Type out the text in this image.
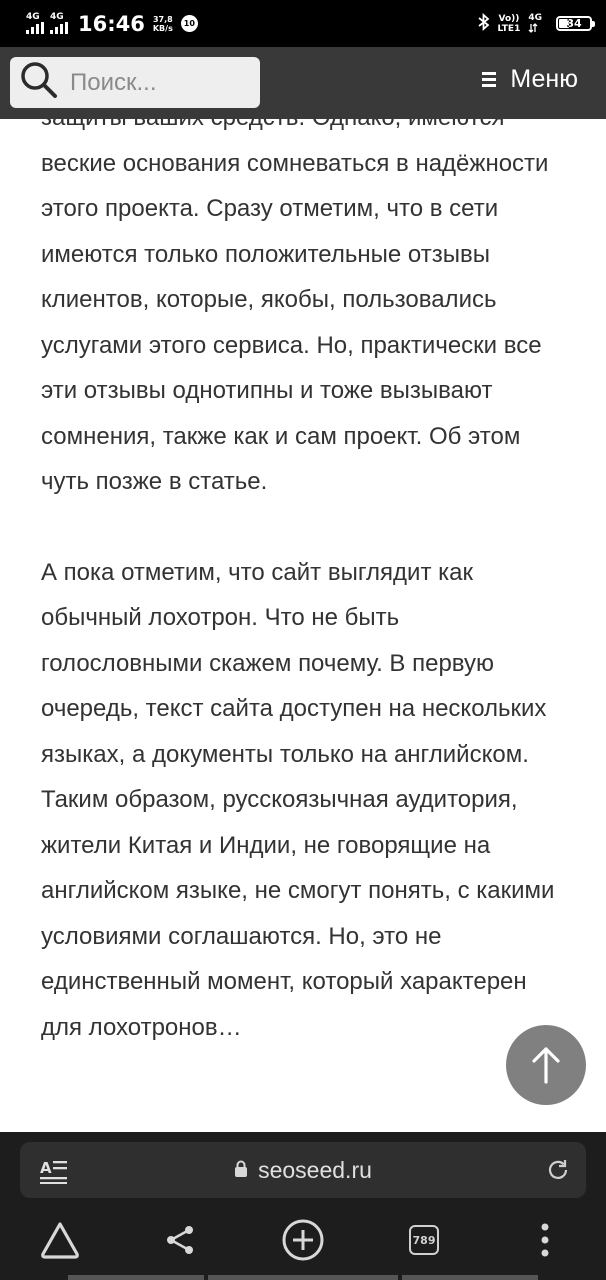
4G 4G 16:46 37,8
KB/s	10	Vo))
LTE1
4G 34
Поиск...
Меню

веские основания сомневаться в надёжности этого проекта. Сразу отметим, что в сети имеются только положительные отзывы клиентов, которые, якобы, пользовались услугами этого сервиса. Но, практически все эти отзывы однотипны и тоже вызывают сомнения, также как и сам проект. Об этом чуть позже в статье.

А пока отметим, что сайт выглядит как обычный лохотрон. Что не быть голословными скажем почему. В первую очередь, текст сайта доступен на нескольких языках, а документы только на английском. Таким образом, русскоязычная аудитория, жители Китая и Индии, не говорящие на английском языке, не смогут понять, с какими условиями соглашаются. Но, это не единственный момент, который характерен для лохотронов…

A	seoseed.ru
789
